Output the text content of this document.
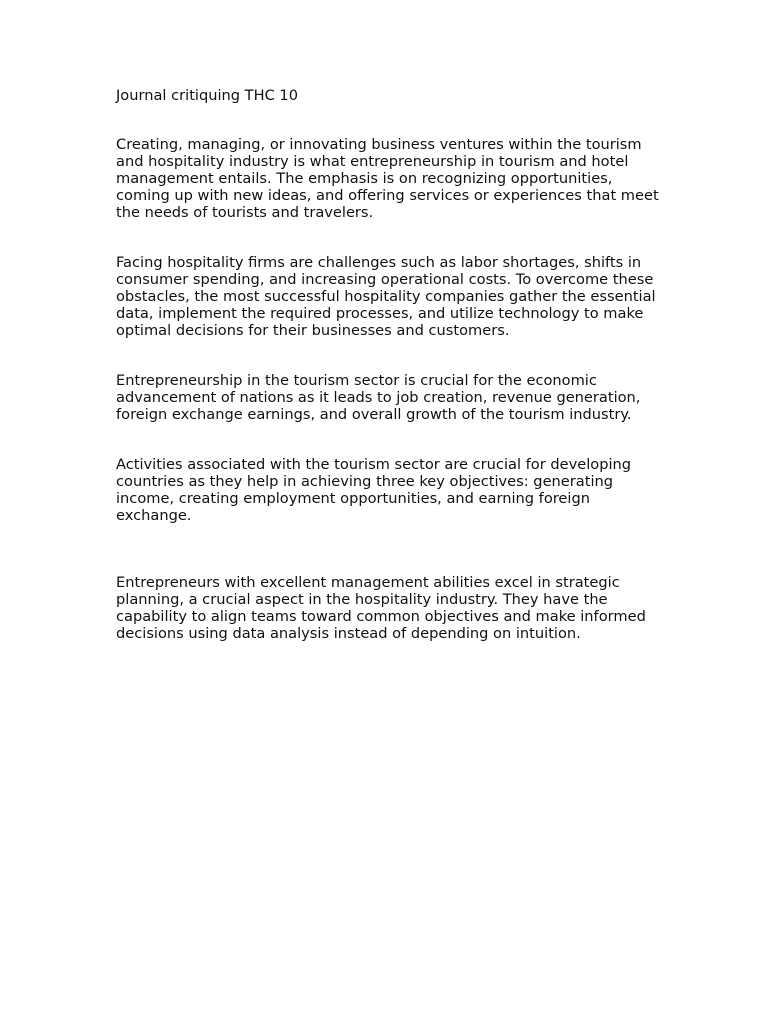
Journal critiquing THC 10

Creating, managing, or innovating business ventures within the tourism and hospitality industry is what entrepreneurship in tourism and hotel management entails. The emphasis is on recognizing opportunities, coming up with new ideas, and offering services or experiences that meet the needs of tourists and travelers.

Facing hospitality firms are challenges such as labor shortages, shifts in consumer spending, and increasing operational costs. To overcome these obstacles, the most successful hospitality companies gather the essential data, implement the required processes, and utilize technology to make optimal decisions for their businesses and customers.

Entrepreneurship in the tourism sector is crucial for the economic advancement of nations as it leads to job creation, revenue generation, foreign exchange earnings, and overall growth of the tourism industry.

Activities associated with the tourism sector are crucial for developing countries as they help in achieving three key objectives: generating income, creating employment opportunities, and earning foreign exchange.

Entrepreneurs with excellent management abilities excel in strategic planning, a crucial aspect in the hospitality industry. They have the capability to align teams toward common objectives and make informed decisions using data analysis instead of depending on intuition.
